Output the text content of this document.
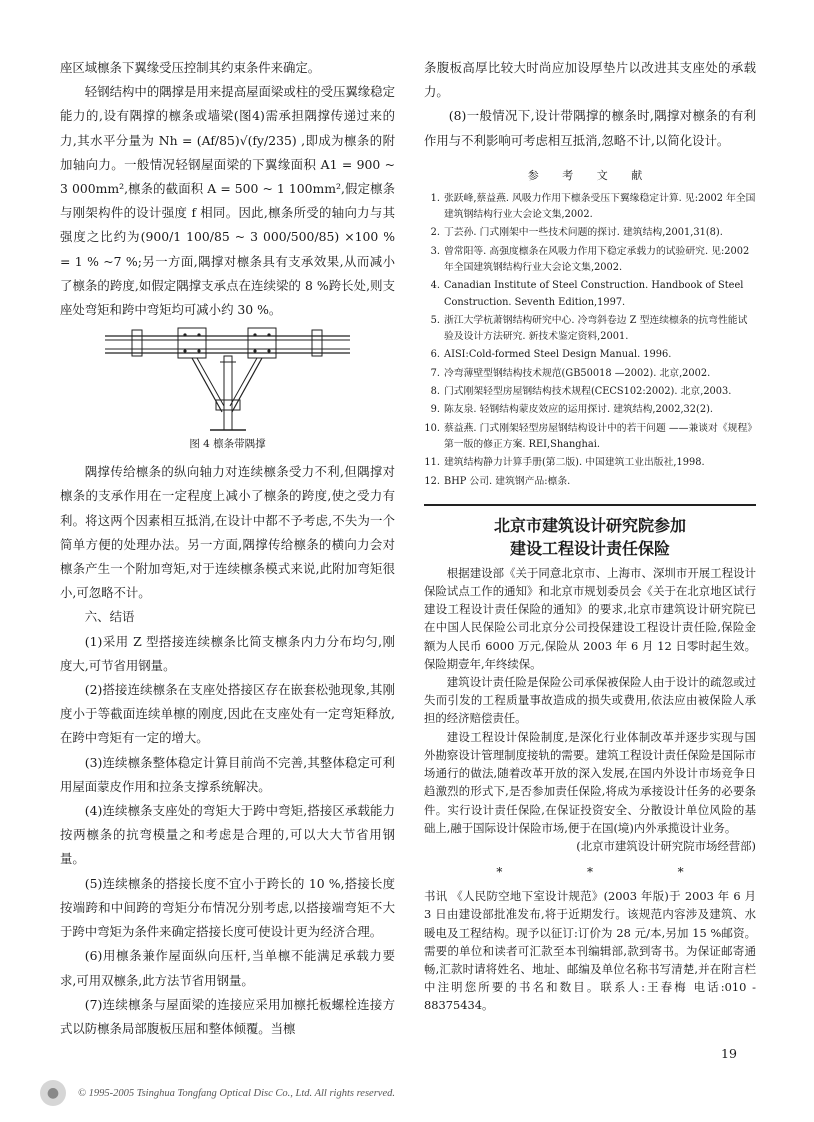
座区域檩条下翼缘受压控制其约束条件来确定。

轻钢结构中的隅撑是用来提高屋面梁或柱的受压翼缘稳定能力的,设有隅撑的檩条或墙梁(图4)需承担隅撑传递过来的力,其水平分量为 Nh = (Af/85)√(fy/235) ,即成为檩条的附加轴向力。一般情况轻钢屋面梁的下翼缘面积 A1 = 900 ~ 3 000mm²,檩条的截面积 A = 500 ~ 1 100mm²,假定檩条与刚架构件的设计强度 f 相同。因此,檩条所受的轴向力与其强度之比约为(900/1 100/85 ~ 3 000/500/85) ×100 % = 1 % ~7 %;另一方面,隅撑对檩条具有支承效果,从而减小了檩条的跨度,如假定隅撑支承点在连续梁的 8 %跨长处,则支座处弯矩和跨中弯矩均可减小约 30 %。

图 4 檩条带隅撑

隅撑传给檩条的纵向轴力对连续檩条受力不利,但隅撑对檩条的支承作用在一定程度上减小了檩条的跨度,使之受力有利。将这两个因素相互抵消,在设计中都不予考虑,不失为一个简单方便的处理办法。另一方面,隅撑传给檩条的横向力会对檩条产生一个附加弯矩,对于连续檩条模式来说,此附加弯矩很小,可忽略不计。

六、结语

(1)采用 Z 型搭接连续檩条比简支檩条内力分布均匀,刚度大,可节省用钢量。

(2)搭接连续檩条在支座处搭接区存在嵌套松弛现象,其刚度小于等截面连续单檩的刚度,因此在支座处有一定弯矩释放,在跨中弯矩有一定的增大。

(3)连续檩条整体稳定计算目前尚不完善,其整体稳定可利用屋面蒙皮作用和拉条支撑系统解决。

(4)连续檩条支座处的弯矩大于跨中弯矩,搭接区承载能力按两檩条的抗弯模量之和考虑是合理的,可以大大节省用钢量。

(5)连续檩条的搭接长度不宜小于跨长的 10 %,搭接长度按端跨和中间跨的弯矩分布情况分别考虑,以搭接端弯矩不大于跨中弯矩为条件来确定搭接长度可使设计更为经济合理。

(6)用檩条兼作屋面纵向压杆,当单檩不能满足承载力要求,可用双檩条,此方法节省用钢量。

(7)连续檩条与屋面梁的连接应采用加檩托板螺栓连接方式以防檩条局部腹板压屈和整体倾覆。当檩

条腹板高厚比较大时尚应加设厚垫片以改进其支座处的承载力。

(8)一般情况下,设计带隅撑的檩条时,隅撑对檩条的有利作用与不利影响可考虑相互抵消,忽略不计,以简化设计。

参 考 文 献
1. 张跃峰,蔡益燕. 风吸力作用下檩条受压下翼缘稳定计算. 见:2002 年全国建筑钢结构行业大会论文集,2002.
2. 丁芸孙. 门式刚架中一些技术问题的探讨. 建筑结构,2001,31(8).
3. 曾常阳等. 高强度檩条在风吸力作用下稳定承载力的试验研究. 见:2002 年全国建筑钢结构行业大会论文集,2002.
4. Canadian Institute of Steel Construction. Handbook of Steel Construction. Seventh Edition,1997.
5. 浙江大学杭萧钢结构研究中心. 冷弯斜卷边 Z 型连续檩条的抗弯性能试验及设计方法研究. 新技术鉴定资料,2001.
6. AISI:Cold-formed Steel Design Manual. 1996.
7. 冷弯薄壁型钢结构技术规范(GB50018 —2002). 北京,2002.
8. 门式刚架轻型房屋钢结构技术规程(CECS102:2002). 北京,2003.
9. 陈友泉. 轻钢结构蒙皮效应的运用探讨. 建筑结构,2002,32(2).
10. 蔡益燕. 门式刚架轻型房屋钢结构设计中的若干问题 ——兼谈对《规程》第一版的修正方案. REI,Shanghai.
11. 建筑结构静力计算手册(第二版). 中国建筑工业出版社,1998.
12. BHP 公司. 建筑钢产品:檩条.
北京市建筑设计研究院参加
建设工程设计责任保险

根据建设部《关于同意北京市、上海市、深圳市开展工程设计保险试点工作的通知》和北京市规划委员会《关于在北京地区试行建设工程设计责任保险的通知》的要求,北京市建筑设计研究院已在中国人民保险公司北京分公司投保建设工程设计责任险,保险金额为人民币 6000 万元,保险从 2003 年 6 月 12 日零时起生效。保险期壹年,年终续保。

建筑设计责任险是保险公司承保被保险人由于设计的疏忽或过失而引发的工程质量事故造成的损失或费用,依法应由被保险人承担的经济赔偿责任。

建设工程设计保险制度,是深化行业体制改革并逐步实现与国外勘察设计管理制度接轨的需要。建筑工程设计责任保险是国际市场通行的做法,随着改革开放的深入发展,在国内外设计市场竞争日趋激烈的形式下,是否参加责任保险,将成为承接设计任务的必要条件。实行设计责任保险,在保证投资安全、分散设计单位风险的基础上,融于国际设计保险市场,便于在国(境)内外承揽设计业务。

(北京市建筑设计研究院市场经营部)

*	*	*

书讯 《人民防空地下室设计规范》(2003 年版)于 2003 年 6 月 3 日由建设部批准发布,将于近期发行。该规范内容涉及建筑、水暖电及工程结构。现予以征订:订价为 28 元/本,另加 15 %邮资。需要的单位和读者可汇款至本刊编辑部,款到寄书。为保证邮寄通畅,汇款时请将姓名、地址、邮编及单位名称书写清楚,并在附言栏中注明您所要的书名和数目。联系人:王春梅 电话:010 - 88375434。

19
●	© 1995-2005 Tsinghua Tongfang Optical Disc Co., Ltd. All rights reserved.
